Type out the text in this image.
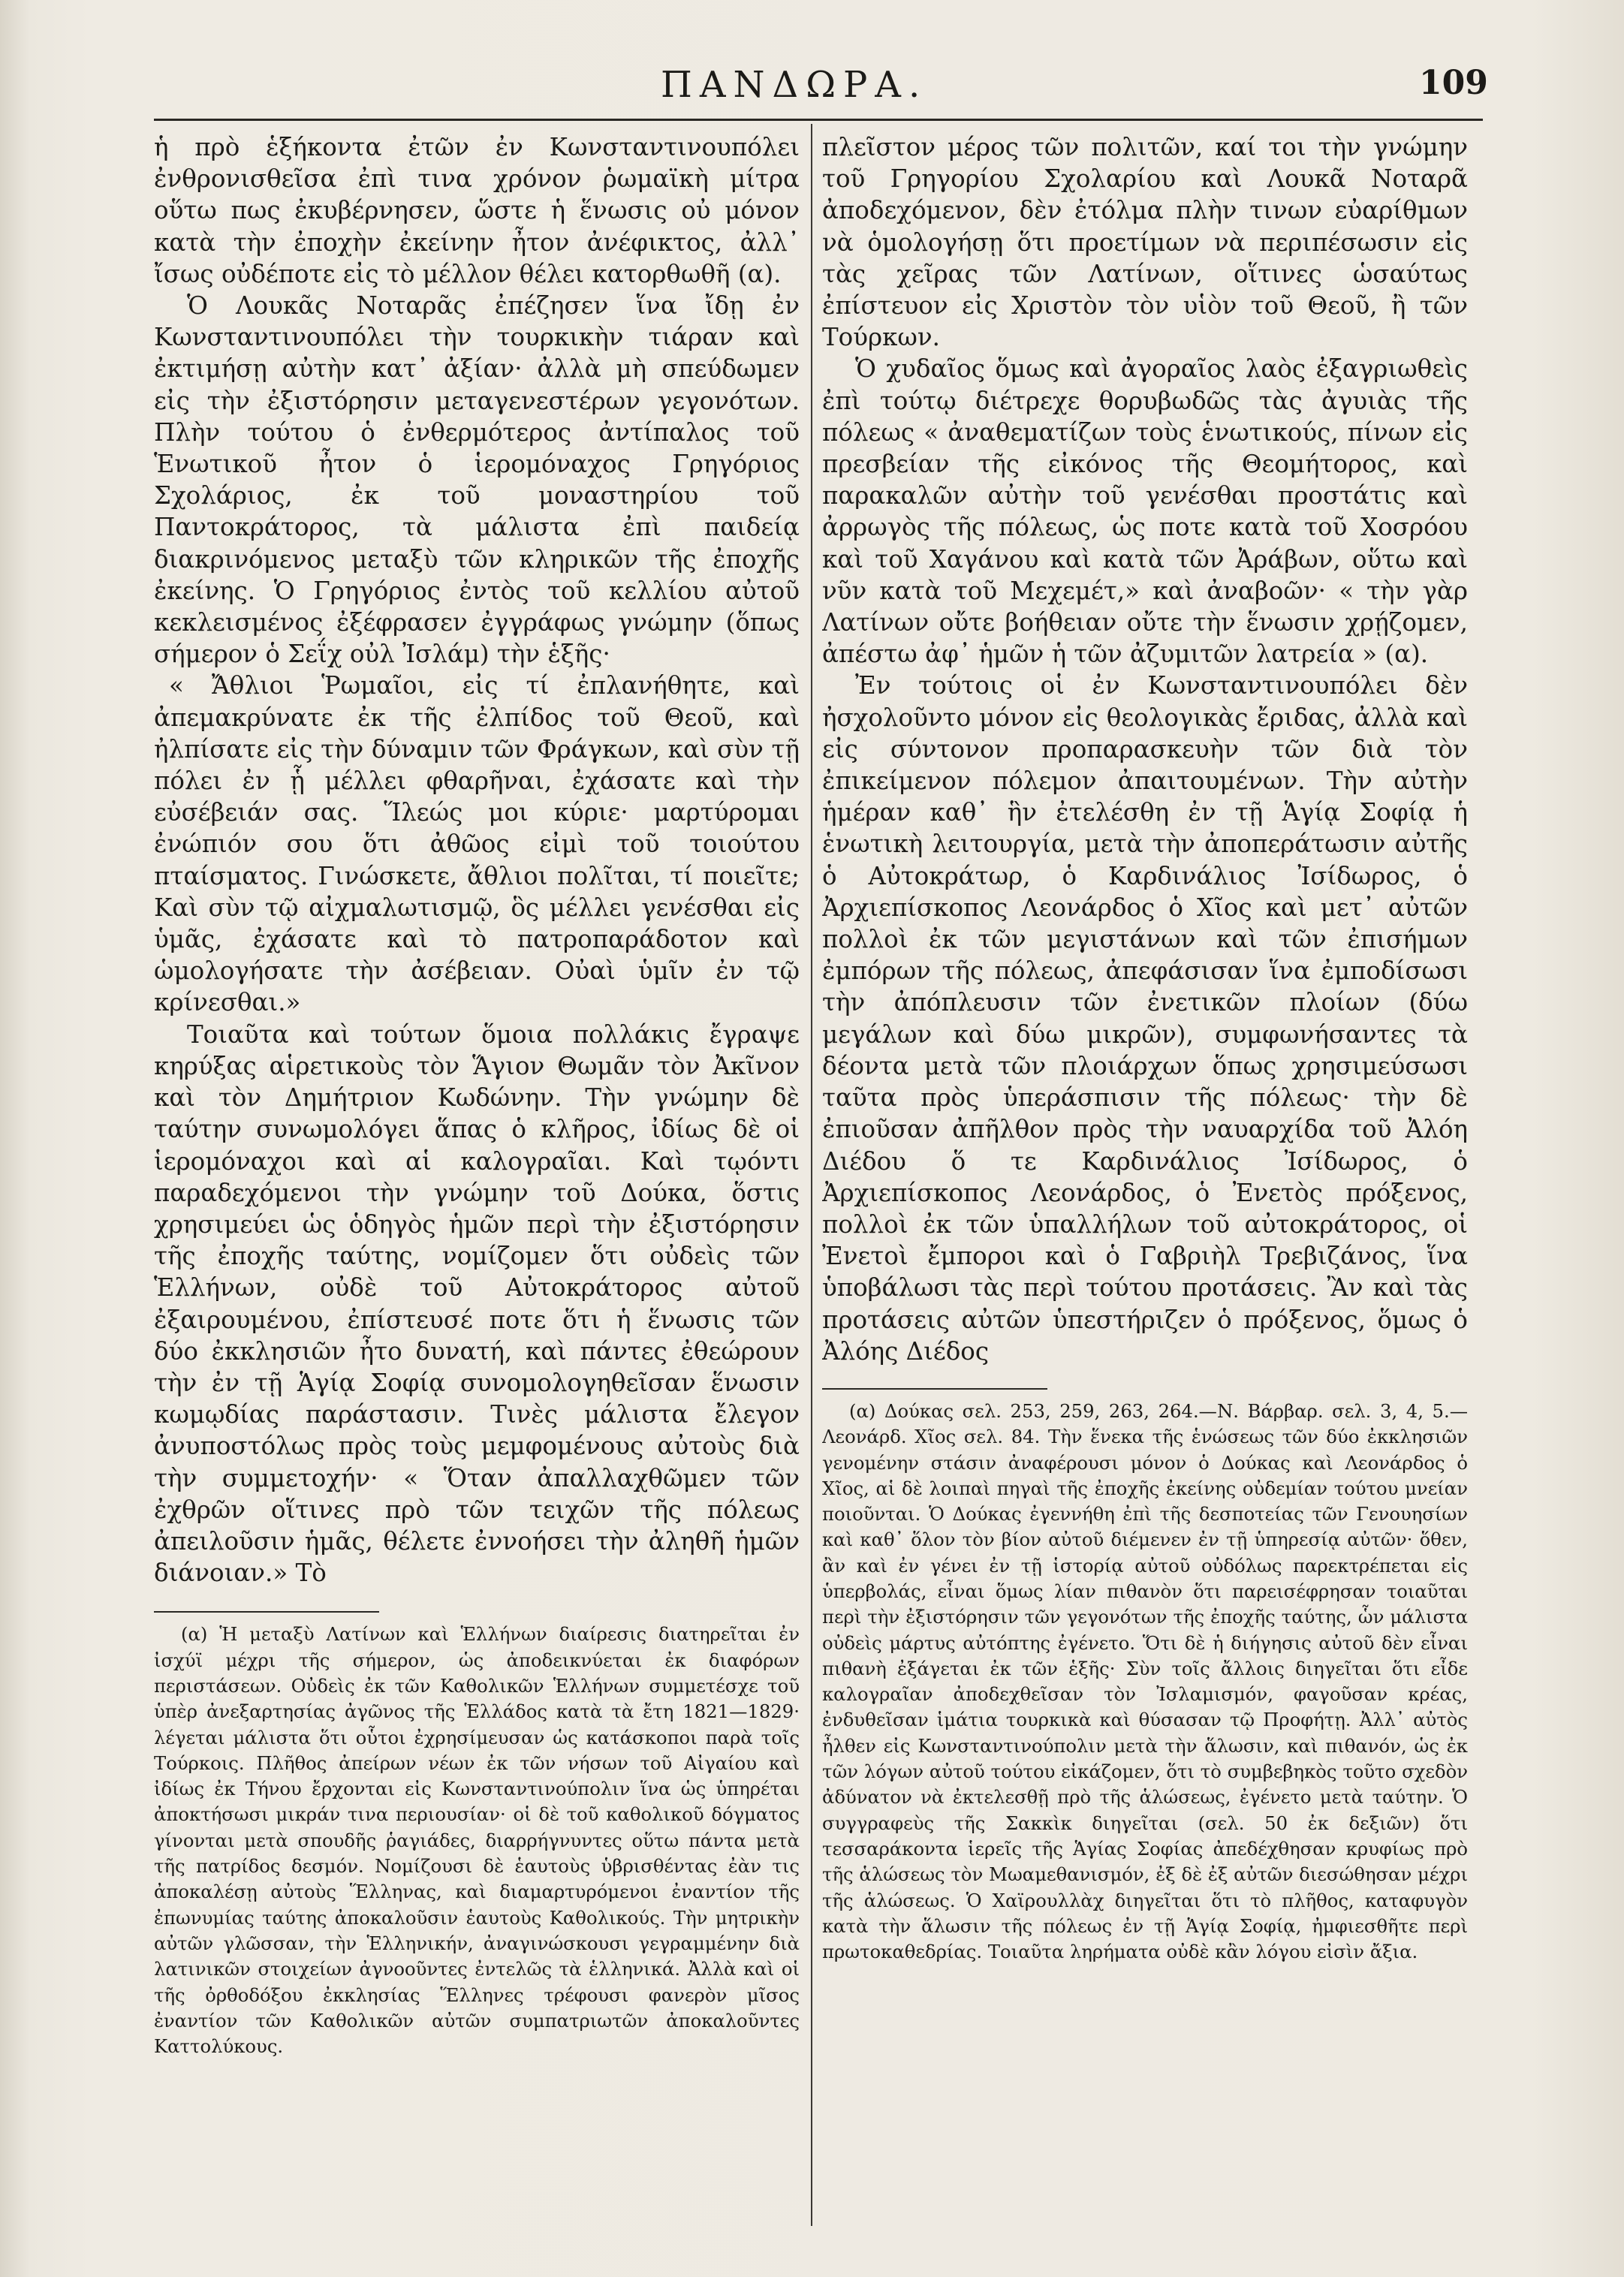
ΠΑΝΔΩΡΑ.	109

ἡ πρὸ ἑξήκοντα ἐτῶν ἐν Κωνσταντινουπόλει ἐνθρονισθεῖσα ἐπὶ τινα χρόνον ῥωμαϊκὴ μίτρα οὕτω πως ἐκυβέρνησεν, ὥστε ἡ ἕνωσις οὐ μόνον κατὰ τὴν ἐποχὴν ἐκείνην ἦτον ἀνέφικτος, ἀλλ᾽ ἴσως οὐδέποτε εἰς τὸ μέλλον θέλει κατορθωθῆ (α).

Ὁ Λουκᾶς Νοταρᾶς ἐπέζησεν ἵνα ἴδῃ ἐν Κωνσταντινουπόλει τὴν τουρκικὴν τιάραν καὶ ἐκτιμήσῃ αὐτὴν κατ᾽ ἀξίαν· ἀλλὰ μὴ σπεύδωμεν εἰς τὴν ἐξιστόρησιν μεταγενεστέρων γεγονότων. Πλὴν τούτου ὁ ἐνθερμότερος ἀντίπαλος τοῦ Ἑνωτικοῦ ἦτον ὁ ἱερομόναχος Γρηγόριος Σχολάριος, ἐκ τοῦ μοναστηρίου τοῦ Παντοκράτορος, τὰ μάλιστα ἐπὶ παιδείᾳ διακρινόμενος μεταξὺ τῶν κληρικῶν τῆς ἐποχῆς ἐκείνης. Ὁ Γρηγόριος ἐντὸς τοῦ κελλίου αὐτοῦ κεκλεισμένος ἐξέφρασεν ἐγγράφως γνώμην (ὅπως σήμερον ὁ Σεΐχ οὐλ Ἰσλάμ) τὴν ἑξῆς·

« Ἄθλιοι Ῥωμαῖοι, εἰς τί ἐπλανήθητε, καὶ ἀπεμακρύνατε ἐκ τῆς ἐλπίδος τοῦ Θεοῦ, καὶ ἠλπίσατε εἰς τὴν δύναμιν τῶν Φράγκων, καὶ σὺν τῇ πόλει ἐν ᾗ μέλλει φθαρῆναι, ἐχάσατε καὶ τὴν εὐσέβειάν σας. Ἵλεώς μοι κύριε· μαρτύρομαι ἐνώπιόν σου ὅτι ἀθῶος εἰμὶ τοῦ τοιούτου πταίσματος. Γινώσκετε, ἄθλιοι πολῖται, τί ποιεῖτε; Καὶ σὺν τῷ αἰχμαλωτισμῷ, ὃς μέλλει γενέσθαι εἰς ὑμᾶς, ἐχάσατε καὶ τὸ πατροπαράδοτον καὶ ὡμολογήσατε τὴν ἀσέβειαν. Οὐαὶ ὑμῖν ἐν τῷ κρίνεσθαι.»

Τοιαῦτα καὶ τούτων ὅμοια πολλάκις ἔγραψε κηρύξας αἱρετικοὺς τὸν Ἅγιον Θωμᾶν τὸν Ἀκῖνον καὶ τὸν Δημήτριον Κωδώνην. Τὴν γνώμην δὲ ταύτην συνωμολόγει ἅπας ὁ κλῆρος, ἰδίως δὲ οἱ ἱερομόναχοι καὶ αἱ καλογραῖαι. Καὶ τῳόντι παραδεχόμενοι τὴν γνώμην τοῦ Δούκα, ὅστις χρησιμεύει ὡς ὁδηγὸς ἡμῶν περὶ τὴν ἐξιστόρησιν τῆς ἐποχῆς ταύτης, νομίζομεν ὅτι οὐδεὶς τῶν Ἑλλήνων, οὐδὲ τοῦ Αὐτοκράτορος αὐτοῦ ἐξαιρουμένου, ἐπίστευσέ ποτε ὅτι ἡ ἕνωσις τῶν δύο ἐκκλησιῶν ἦτο δυνατή, καὶ πάντες ἐθεώρουν τὴν ἐν τῇ Ἁγίᾳ Σοφίᾳ συνομολογηθεῖσαν ἕνωσιν κωμῳδίας παράστασιν. Τινὲς μάλιστα ἔλεγον ἀνυποστόλως πρὸς τοὺς μεμφομένους αὐτοὺς διὰ τὴν συμμετοχήν· « Ὅταν ἀπαλλαχθῶμεν τῶν ἐχθρῶν οἵτινες πρὸ τῶν τειχῶν τῆς πόλεως ἀπειλοῦσιν ἡμᾶς, θέλετε ἐννοήσει τὴν ἀληθῆ ἡμῶν διάνοιαν.» Τὸ

(α) Ἡ μεταξὺ Λατίνων καὶ Ἑλλήνων διαίρεσις διατηρεῖται ἐν ἰσχύϊ μέχρι τῆς σήμερον, ὡς ἀποδεικνύεται ἐκ διαφόρων περιστάσεων. Οὐδεὶς ἐκ τῶν Καθολικῶν Ἑλλήνων συμμετέσχε τοῦ ὑπὲρ ἀνεξαρτησίας ἀγῶνος τῆς Ἑλλάδος κατὰ τὰ ἔτη 1821—1829· λέγεται μάλιστα ὅτι οὗτοι ἐχρησίμευσαν ὡς κατάσκοποι παρὰ τοῖς Τούρκοις. Πλῆθος ἀπείρων νέων ἐκ τῶν νήσων τοῦ Αἰγαίου καὶ ἰδίως ἐκ Τήνου ἔρχονται εἰς Κωνσταντινούπολιν ἵνα ὡς ὑπηρέται ἀποκτήσωσι μικράν τινα περιουσίαν· οἱ δὲ τοῦ καθολικοῦ δόγματος γίνονται μετὰ σπουδῆς ῥαγιάδες, διαρρήγνυντες οὕτω πάντα μετὰ τῆς πατρίδος δεσμόν. Νομίζουσι δὲ ἑαυτοὺς ὑβρισθέντας ἐὰν τις ἀποκαλέσῃ αὐτοὺς Ἕλληνας, καὶ διαμαρτυρόμενοι ἐναντίον τῆς ἐπωνυμίας ταύτης ἀποκαλοῦσιν ἑαυτοὺς Καθολικούς. Τὴν μητρικὴν αὐτῶν γλῶσσαν, τὴν Ἑλληνικήν, ἀναγινώσκουσι γεγραμμένην διὰ λατινικῶν στοιχείων ἀγνοοῦντες ἐντελῶς τὰ ἑλληνικά. Ἀλλὰ καὶ οἱ τῆς ὀρθοδόξου ἐκκλησίας Ἕλληνες τρέφουσι φανερὸν μῖσος ἐναντίον τῶν Καθολικῶν αὐτῶν συμπατριωτῶν ἀποκαλοῦντες Καττολύκους.

πλεῖστον μέρος τῶν πολιτῶν, καί τοι τὴν γνώμην τοῦ Γρηγορίου Σχολαρίου καὶ Λουκᾶ Νοταρᾶ ἀποδεχόμενον, δὲν ἐτόλμα πλὴν τινων εὐαρίθμων νὰ ὁμολογήσῃ ὅτι προετίμων νὰ περιπέσωσιν εἰς τὰς χεῖρας τῶν Λατίνων, οἵτινες ὡσαύτως ἐπίστευον εἰς Χριστὸν τὸν υἱὸν τοῦ Θεοῦ, ἢ τῶν Τούρκων.

Ὁ χυδαῖος ὅμως καὶ ἀγοραῖος λαὸς ἐξαγριωθεὶς ἐπὶ τούτῳ διέτρεχε θορυβωδῶς τὰς ἀγυιὰς τῆς πόλεως « ἀναθεματίζων τοὺς ἑνωτικούς, πίνων εἰς πρεσβείαν τῆς εἰκόνος τῆς Θεομήτορος, καὶ παρακαλῶν αὐτὴν τοῦ γενέσθαι προστάτις καὶ ἀρρωγὸς τῆς πόλεως, ὡς ποτε κατὰ τοῦ Χοσρόου καὶ τοῦ Χαγάνου καὶ κατὰ τῶν Ἀράβων, οὕτω καὶ νῦν κατὰ τοῦ Μεχεμέτ,» καὶ ἀναβοῶν· « τὴν γὰρ Λατίνων οὔτε βοήθειαν οὔτε τὴν ἕνωσιν χρῄζομεν, ἀπέστω ἀφ᾽ ἡμῶν ἡ τῶν ἀζυμιτῶν λατρεία » (α).

Ἐν τούτοις οἱ ἐν Κωνσταντινουπόλει δὲν ἠσχολοῦντο μόνον εἰς θεολογικὰς ἔριδας, ἀλλὰ καὶ εἰς σύντονον προπαρασκευὴν τῶν διὰ τὸν ἐπικείμενον πόλεμον ἀπαιτουμένων. Τὴν αὐτὴν ἡμέραν καθ᾽ ἣν ἐτελέσθη ἐν τῇ Ἁγίᾳ Σοφίᾳ ἡ ἑνωτικὴ λειτουργία, μετὰ τὴν ἀποπεράτωσιν αὐτῆς ὁ Αὐτοκράτωρ, ὁ Καρδινάλιος Ἰσίδωρος, ὁ Ἀρχιεπίσκοπος Λεονάρδος ὁ Χῖος καὶ μετ᾽ αὐτῶν πολλοὶ ἐκ τῶν μεγιστάνων καὶ τῶν ἐπισήμων ἐμπόρων τῆς πόλεως, ἀπεφάσισαν ἵνα ἐμποδίσωσι τὴν ἀπόπλευσιν τῶν ἐνετικῶν πλοίων (δύω μεγάλων καὶ δύω μικρῶν), συμφωνήσαντες τὰ δέοντα μετὰ τῶν πλοιάρχων ὅπως χρησιμεύσωσι ταῦτα πρὸς ὑπεράσπισιν τῆς πόλεως· τὴν δὲ ἐπιοῦσαν ἀπῆλθον πρὸς τὴν ναυαρχίδα τοῦ Ἀλόη Διέδου ὅ τε Καρδινάλιος Ἰσίδωρος, ὁ Ἀρχιεπίσκοπος Λεονάρδος, ὁ Ἐνετὸς πρόξενος, πολλοὶ ἐκ τῶν ὑπαλλήλων τοῦ αὐτοκράτορος, οἱ Ἐνετοὶ ἔμποροι καὶ ὁ Γαβριὴλ Τρεβιζάνος, ἵνα ὑποβάλωσι τὰς περὶ τούτου προτάσεις. Ἂν καὶ τὰς προτάσεις αὐτῶν ὑπεστήριζεν ὁ πρόξενος, ὅμως ὁ Ἀλόης Διέδος

(α) Δούκας σελ. 253, 259, 263, 264.—Ν. Βάρβαρ. σελ. 3, 4, 5.—Λεονάρδ. Χῖος σελ. 84. Τὴν ἕνεκα τῆς ἑνώσεως τῶν δύο ἐκκλησιῶν γενομένην στάσιν ἀναφέρουσι μόνον ὁ Δούκας καὶ Λεονάρδος ὁ Χῖος, αἱ δὲ λοιπαὶ πηγαὶ τῆς ἐποχῆς ἐκείνης οὐδεμίαν τούτου μνείαν ποιοῦνται. Ὁ Δούκας ἐγεννήθη ἐπὶ τῆς δεσποτείας τῶν Γενουησίων καὶ καθ᾽ ὅλον τὸν βίον αὐτοῦ διέμενεν ἐν τῇ ὑπηρεσίᾳ αὐτῶν· ὅθεν, ἂν καὶ ἐν γένει ἐν τῇ ἱστορίᾳ αὐτοῦ οὐδόλως παρεκτρέπεται εἰς ὑπερβολάς, εἶναι ὅμως λίαν πιθανὸν ὅτι παρεισέφρησαν τοιαῦται περὶ τὴν ἐξιστόρησιν τῶν γεγονότων τῆς ἐποχῆς ταύτης, ὧν μάλιστα οὐδεὶς μάρτυς αὐτόπτης ἐγένετο. Ὅτι δὲ ἡ διήγησις αὐτοῦ δὲν εἶναι πιθανὴ ἐξάγεται ἐκ τῶν ἑξῆς· Σὺν τοῖς ἄλλοις διηγεῖται ὅτι εἶδε καλογραῖαν ἀποδεχθεῖσαν τὸν Ἰσλαμισμόν, φαγοῦσαν κρέας, ἐνδυθεῖσαν ἱμάτια τουρκικὰ καὶ θύσασαν τῷ Προφήτῃ. Ἀλλ᾽ αὐτὸς ἦλθεν εἰς Κωνσταντινούπολιν μετὰ τὴν ἅλωσιν, καὶ πιθανόν, ὡς ἐκ τῶν λόγων αὐτοῦ τούτου εἰκάζομεν, ὅτι τὸ συμβεβηκὸς τοῦτο σχεδὸν ἀδύνατον νὰ ἐκτελεσθῇ πρὸ τῆς ἁλώσεως, ἐγένετο μετὰ ταύτην. Ὁ συγγραφεὺς τῆς Σακκὶκ διηγεῖται (σελ. 50 ἐκ δεξιῶν) ὅτι τεσσαράκοντα ἱερεῖς τῆς Ἁγίας Σοφίας ἀπεδέχθησαν κρυφίως πρὸ τῆς ἁλώσεως τὸν Μωαμεθανισμόν, ἐξ δὲ ἐξ αὐτῶν διεσώθησαν μέχρι τῆς ἁλώσεως. Ὁ Χαϊρουλλὰχ διηγεῖται ὅτι τὸ πλῆθος, καταφυγὸν κατὰ τὴν ἅλωσιν τῆς πόλεως ἐν τῇ Ἁγίᾳ Σοφίᾳ, ἠμφιεσθῆτε περὶ πρωτοκαθεδρίας. Τοιαῦτα ληρήματα οὐδὲ κἂν λόγου εἰσὶν ἄξια.
